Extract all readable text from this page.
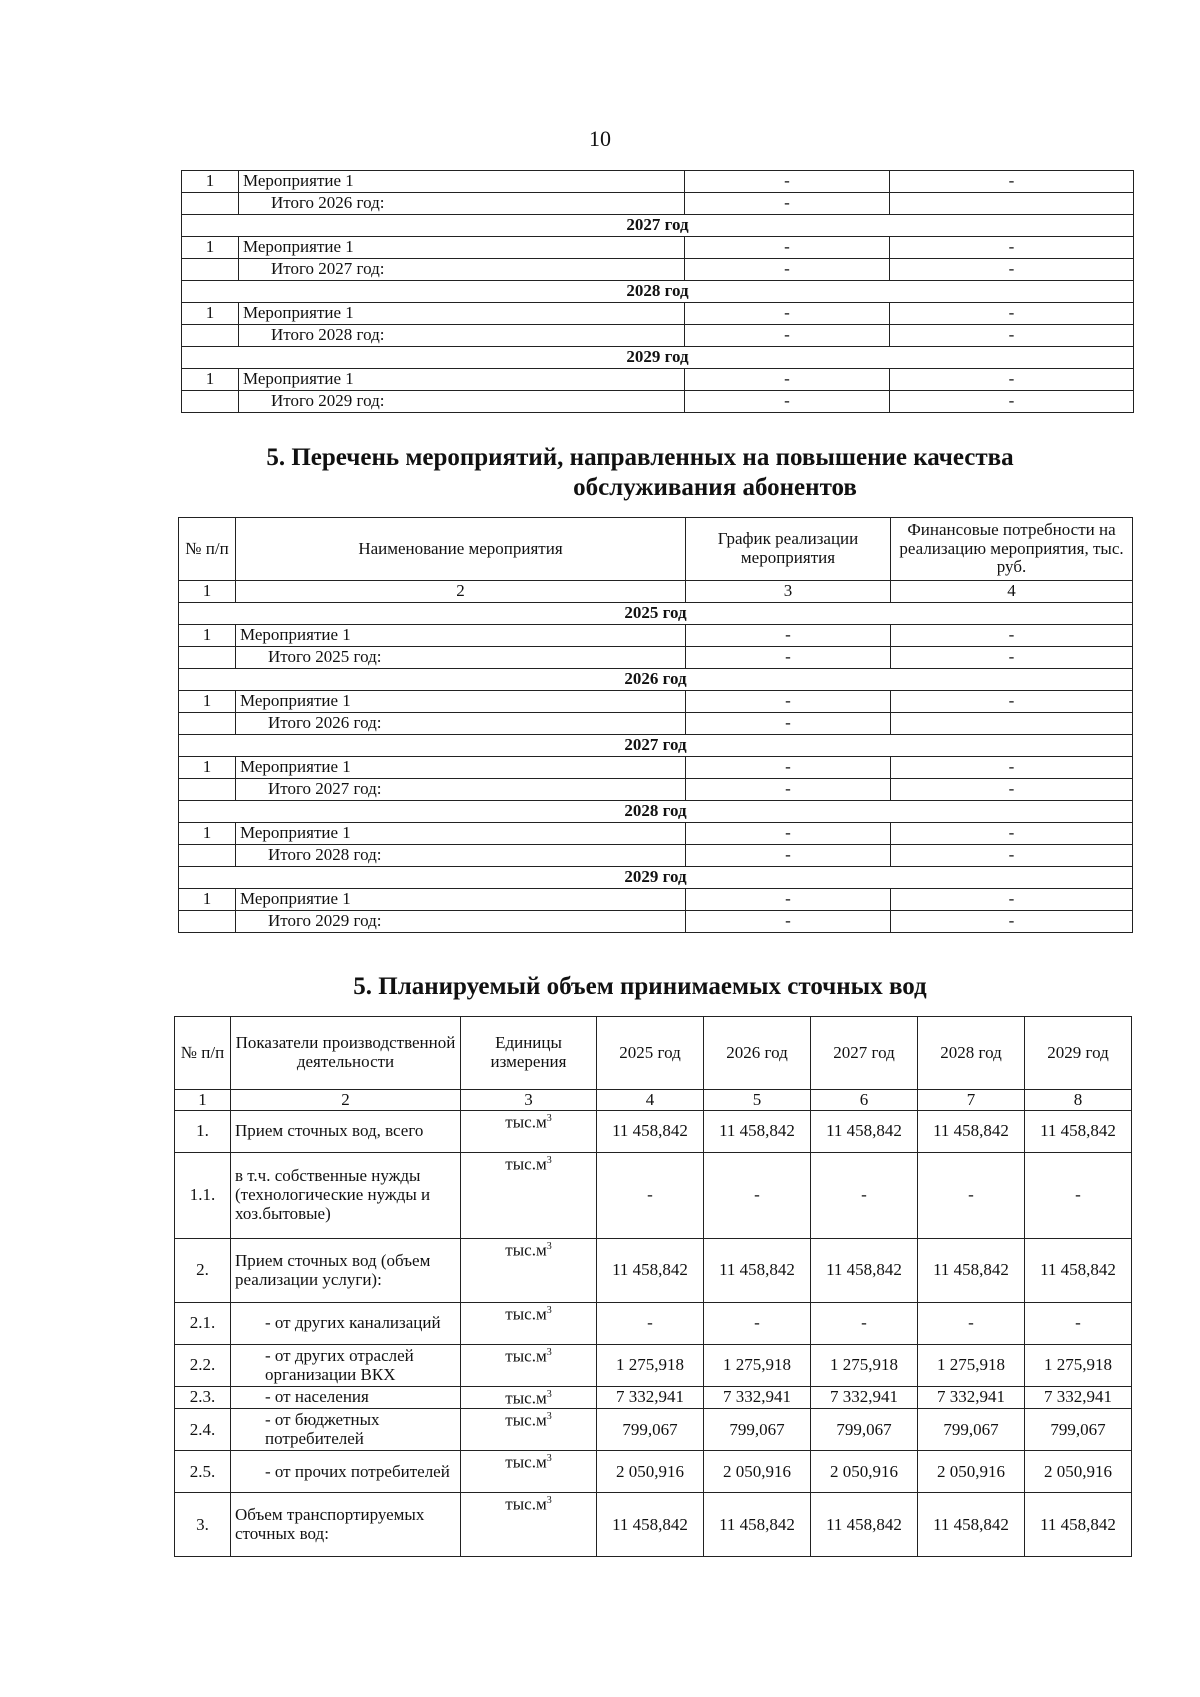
10
1	Мероприятие 1	-	-
	Итого 2026 год:	-	
2027 год			
1	Мероприятие 1	-	-
	Итого 2027 год:	-	-
2028 год			
1	Мероприятие 1	-	-
	Итого 2028 год:	-	-
2029 год			
1	Мероприятие 1	-	-
	Итого 2029 год:	-	-
5. Перечень мероприятий, направленных на повышение качества
обслуживания абонентов
№ п/п	Наименование мероприятия	График реализации мероприятия	Финансовые потребности на реализацию мероприятия, тыс. руб.
1	2	3	4
2025 год			
1	Мероприятие 1	-	-
	Итого 2025 год:	-	-
2026 год			
1	Мероприятие 1	-	-
	Итого 2026 год:	-	
2027 год			
1	Мероприятие 1	-	-
	Итого 2027 год:	-	-
2028 год			
1	Мероприятие 1	-	-
	Итого 2028 год:	-	-
2029 год			
1	Мероприятие 1	-	-
	Итого 2029 год:	-	-
5. Планируемый объем принимаемых сточных вод
№ п/п	Показатели производственной деятельности	Единицы измерения	2025 год	2026 год	2027 год	2028 год	2029 год
1	2	3	4	5	6	7	8
1.	Прием сточных вод, всего	$тыс.м^3$	11 458,842	11 458,842	11 458,842	11 458,842	11 458,842
1.1.	в т.ч. собственные нужды (технологические нужды и хоз.бытовые)	$тыс.м^3$	-	-	-	-	-
2.	Прием сточных вод (объем реализации услуги):	$тыс.м^3$	11 458,842	11 458,842	11 458,842	11 458,842	11 458,842
2.1.	- от других канализаций	$тыс.м^3$	-	-	-	-	-
2.2.	- от других отраслей организации ВКХ	$тыс.м^3$	1 275,918	1 275,918	1 275,918	1 275,918	1 275,918
2.3.	- от населения	$тыс.м^3$	7 332,941	7 332,941	7 332,941	7 332,941	7 332,941
2.4.	- от бюджетных потребителей	$тыс.м^3$	799,067	799,067	799,067	799,067	799,067
2.5.	- от прочих потребителей	$тыс.м^3$	2 050,916	2 050,916	2 050,916	2 050,916	2 050,916
3.	Объем транспортируемых сточных вод:	$тыс.м^3$	11 458,842	11 458,842	11 458,842	11 458,842	11 458,842
